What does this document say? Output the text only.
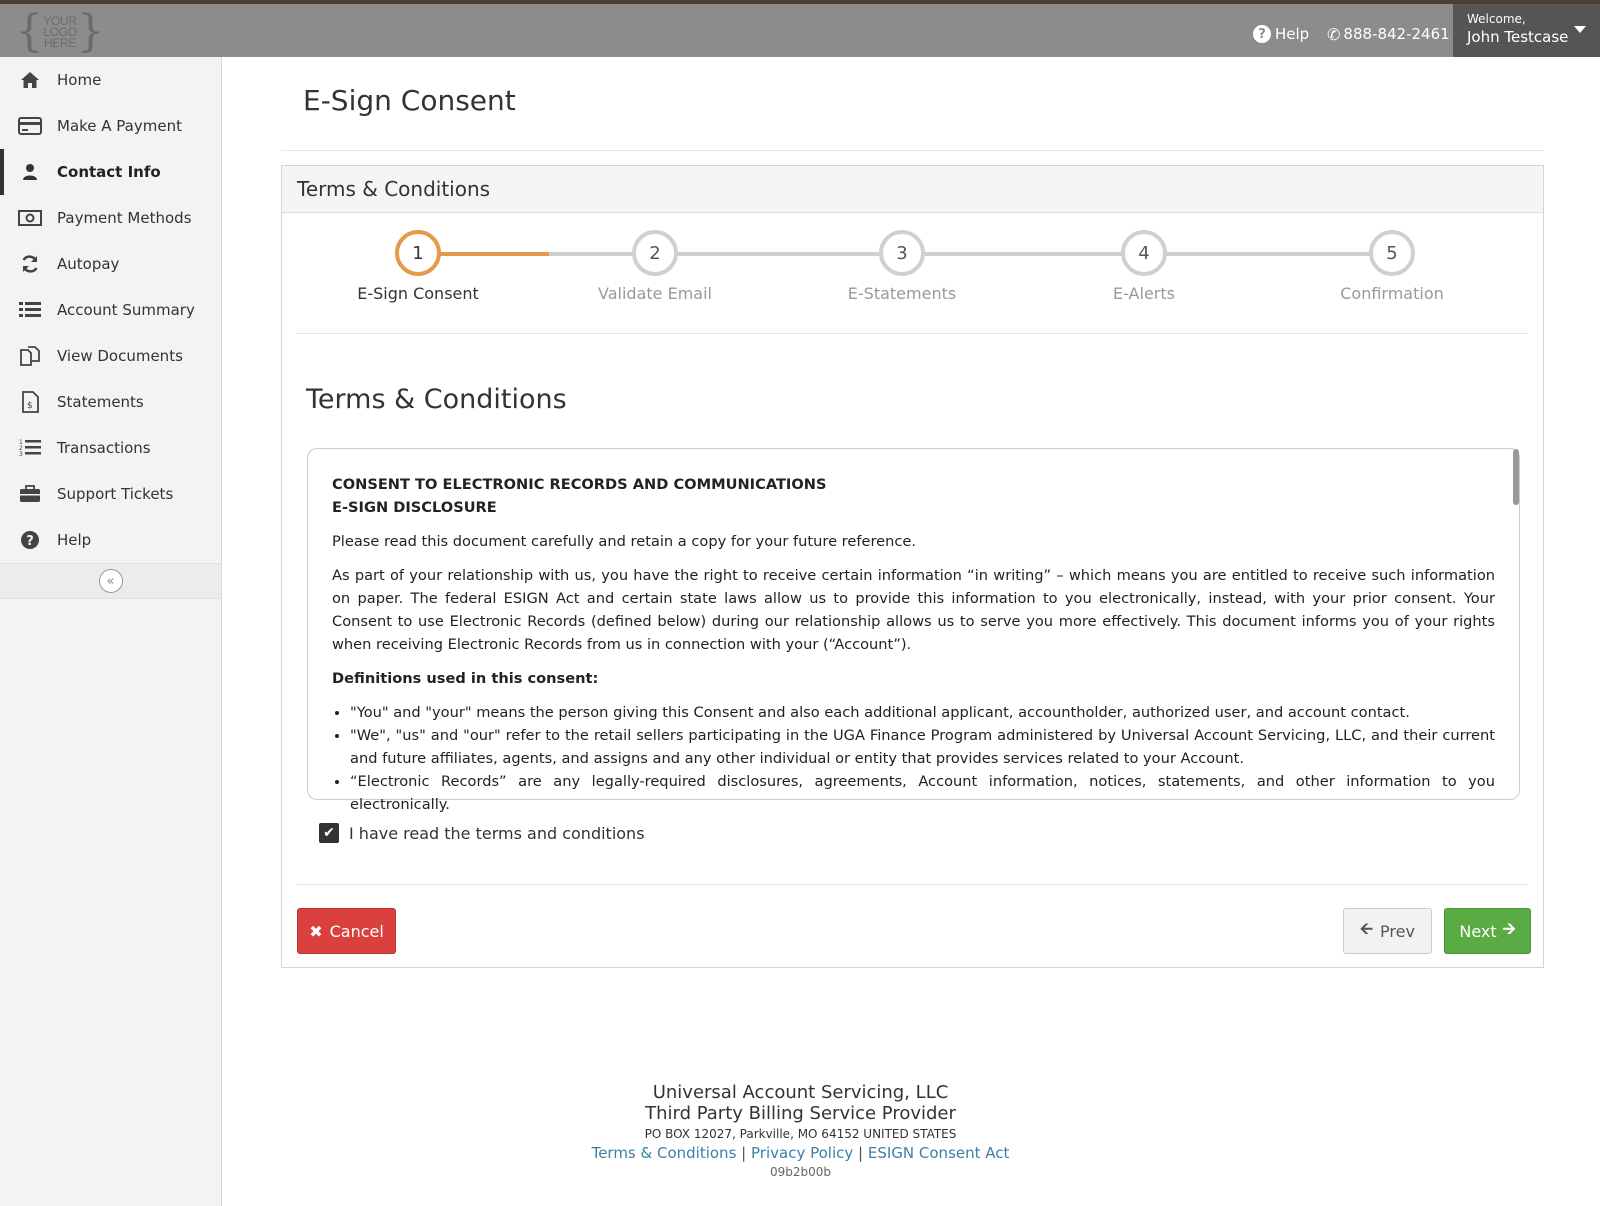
{ YOUR
LOGO
HERE }	? Help ✆ 888-842-2461
Welcome,
John Testcase
Home
Make A Payment
Contact Info
Payment Methods
Autopay
Account Summary
View Documents
$ Statements
1
2
3 Transactions
Support Tickets
? Help
«
E-Sign Consent
Terms & Conditions
1
E-Sign Consent
2
Validate Email
3
E-Statements
4
E-Alerts
5
Confirmation
Terms & Conditions
CONSENT TO ELECTRONIC RECORDS AND COMMUNICATIONS

E-SIGN DISCLOSURE

Please read this document carefully and retain a copy for your future reference.

As part of your relationship with us, you have the right to receive certain information “in writing” – which means you are entitled to receive such information on paper. The federal ESIGN Act and certain state laws allow us to provide this information to you electronically, instead, with your prior consent. Your Consent to use Electronic Records (defined below) during our relationship allows us to serve you more effectively. This document informs you of your rights when receiving Electronic Records from us in connection with your (“Account”).

Definitions used in this consent:

• "You" and "your" means the person giving this Consent and also each additional applicant, accountholder, authorized user, and account contact.
• "We", "us" and "our" refer to the retail sellers participating in the UGA Finance Program administered by Universal Account Servicing, LLC, and their current and future affiliates, agents, and assigns and any other individual or entity that provides services related to your Account.
• “Electronic Records” are any legally-required disclosures, agreements, Account information, notices, statements, and other information to you electronically.
✔ I have read the terms and conditions
✖ Cancel	🡨 Prev	Next 🡪
Universal Account Servicing, LLC
Third Party Billing Service Provider
PO BOX 12027, Parkville, MO 64152 UNITED STATES
Terms & Conditions | Privacy Policy | ESIGN Consent Act
09b2b00b
